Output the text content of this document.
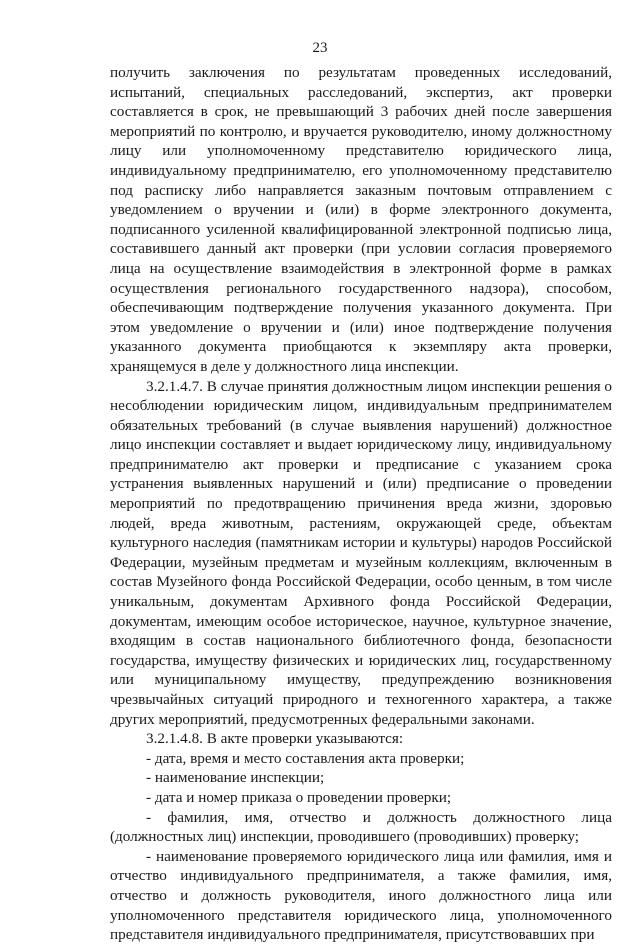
23

получить заключения по результатам проведенных исследований, испытаний, специальных расследований, экспертиз, акт проверки составляется в срок, не превышающий 3 рабочих дней после завершения мероприятий по контролю, и вручается руководителю, иному должностному лицу или уполномоченному представителю юридического лица, индивидуальному предпринимателю, его уполномоченному представителю под расписку либо направляется заказным почтовым отправлением с уведомлением о вручении и (или) в форме электронного документа, подписанного усиленной квалифицированной электронной подписью лица, составившего данный акт проверки (при условии согласия проверяемого лица на осуществление взаимодействия в электронной форме в рамках осуществления регионального государственного надзора), способом, обеспечивающим подтверждение получения указанного документа. При этом уведомление о вручении и (или) иное подтверждение получения указанного документа приобщаются к экземпляру акта проверки, хранящемуся в деле у должностного лица инспекции.

3.2.1.4.7. В случае принятия должностным лицом инспекции решения о несоблюдении юридическим лицом, индивидуальным предпринимателем обязательных требований (в случае выявления нарушений) должностное лицо инспекции составляет и выдает юридическому лицу, индивидуальному предпринимателю акт проверки и предписание с указанием срока устранения выявленных нарушений и (или) предписание о проведении мероприятий по предотвращению причинения вреда жизни, здоровью людей, вреда животным, растениям, окружающей среде, объектам культурного наследия (памятникам истории и культуры) народов Российской Федерации, музейным предметам и музейным коллекциям, включенным в состав Музейного фонда Российской Федерации, особо ценным, в том числе уникальным, документам Архивного фонда Российской Федерации, документам, имеющим особое историческое, научное, культурное значение, входящим в состав национального библиотечного фонда, безопасности государства, имуществу физических и юридических лиц, государственному или муниципальному имуществу, предупреждению возникновения чрезвычайных ситуаций природного и техногенного характера, а также других мероприятий, предусмотренных федеральными законами.

3.2.1.4.8. В акте проверки указываются:

- дата, время и место составления акта проверки;

- наименование инспекции;

- дата и номер приказа о проведении проверки;

- фамилия, имя, отчество и должность должностного лица (должностных лиц) инспекции, проводившего (проводивших) проверку;

- наименование проверяемого юридического лица или фамилия, имя и отчество индивидуального предпринимателя, а также фамилия, имя, отчество и должность руководителя, иного должностного лица или уполномоченного представителя юридического лица, уполномоченного представителя индивидуального предпринимателя, присутствовавших при
